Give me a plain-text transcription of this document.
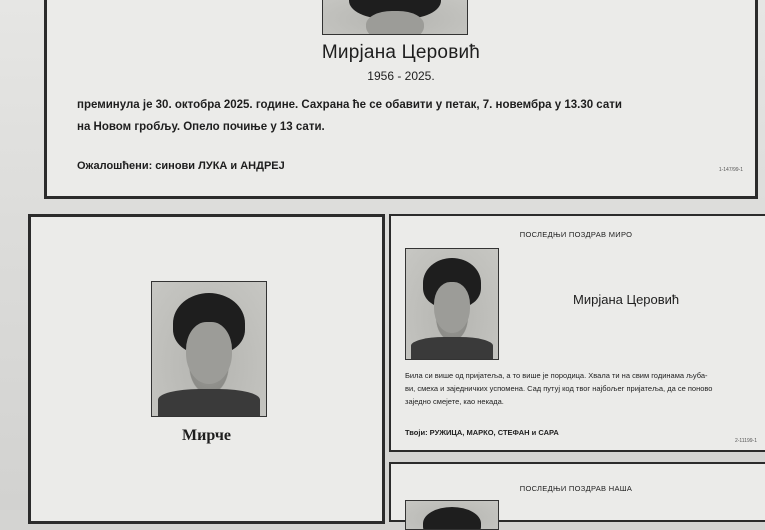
Мирјана Церовић
1956 - 2025.
преминула је 30. октобра 2025. године. Сахрана ће се обавити у петак, 7. новембра у 13.30 сати
на Новом гробљу. Опело почиње у 13 сати.
Ожалошћени: синови ЛУКА и АНДРЕЈ	1-147/99-1
Мирче
ПОСЛЕДЊИ ПОЗДРАВ МИРО
Мирјана Церовић
Била си више од пријатеља, а то више је породица. Хвала ти на свим годинама љуба-
ви, смеха и заједничких успомена. Сад путуј код твог најбољег пријатеља, да се поново
заједно смејете, као некада.
Твоји: РУЖИЦА, МАРКО, СТЕФАН и САРА
2-11199-1
ПОСЛЕДЊИ ПОЗДРАВ НАША
